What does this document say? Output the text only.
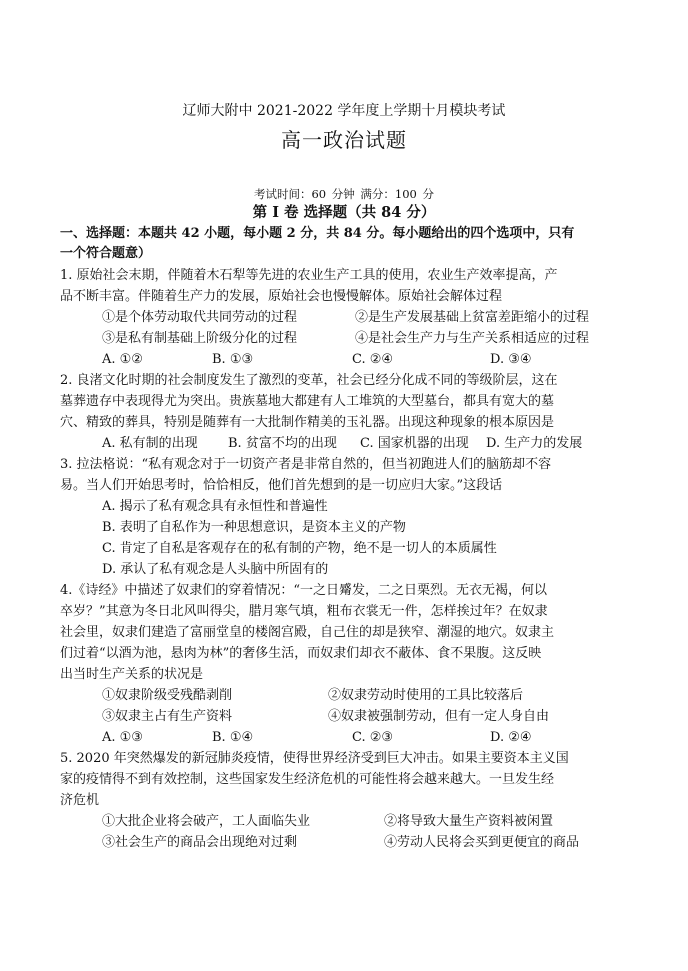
辽师大附中 2021-2022 学年度上学期十月模块考试
高一政治试题
考试时间：60 分钟 满分：100 分
第 I 卷 选择题（共 84 分）
一、选择题：本题共 42 小题，每小题 2 分，共 84 分。每小题给出的四个选项中，只有
一个符合题意）
1. 原始社会末期，伴随着木石犁等先进的农业生产工具的使用，农业生产效率提高，产
品不断丰富。伴随着生产力的发展，原始社会也慢慢解体。原始社会解体过程
①是个体劳动取代共同劳动的过程	②是生产发展基础上贫富差距缩小的过程
③是私有制基础上阶级分化的过程	④是社会生产力与生产关系相适应的过程
A. ①②	B. ①③	C. ②④	D. ③④
2. 良渚文化时期的社会制度发生了激烈的变革，社会已经分化成不同的等级阶层，这在
墓葬遗存中表现得尤为突出。贵族墓地大都建有人工堆筑的大型墓台，都具有宽大的墓
穴、精致的葬具，特别是随葬有一大批制作精美的玉礼器。出现这种现象的根本原因是
A. 私有制的出现 B. 贫富不均的出现 C. 国家机器的出现 D. 生产力的发展
3. 拉法格说：“私有观念对于一切资产者是非常自然的，但当初跑进人们的脑筋却不容
易。当人们开始思考时，恰恰相反，他们首先想到的是一切应归大家。”这段话
A. 揭示了私有观念具有永恒性和普遍性
B. 表明了自私作为一种思想意识，是资本主义的产物
C. 肯定了自私是客观存在的私有制的产物，绝不是一切人的本质属性
D. 承认了私有观念是人头脑中所固有的
4.《诗经》中描述了奴隶们的穿着情况：“一之日觱发，二之日栗烈。无衣无褐，何以
卒岁？”其意为冬日北风叫得尖，腊月寒气填，粗布衣裳无一件，怎样挨过年？在奴隶
社会里，奴隶们建造了富丽堂皇的楼阁宫殿，自己住的却是狭窄、潮湿的地穴。奴隶主
们过着“以酒为池，悬肉为林”的奢侈生活，而奴隶们却衣不蔽体、食不果腹。这反映
出当时生产关系的状况是
①奴隶阶级受残酷剥削	②奴隶劳动时使用的工具比较落后
③奴隶主占有生产资料	④奴隶被强制劳动，但有一定人身自由
A. ①③	B. ①④	C. ②③	D. ②④
5. 2020 年突然爆发的新冠肺炎疫情，使得世界经济受到巨大冲击。如果主要资本主义国
家的疫情得不到有效控制，这些国家发生经济危机的可能性将会越来越大。一旦发生经
济危机
①大批企业将会破产，工人面临失业	②将导致大量生产资料被闲置
③社会生产的商品会出现绝对过剩	④劳动人民将会买到更便宜的商品
